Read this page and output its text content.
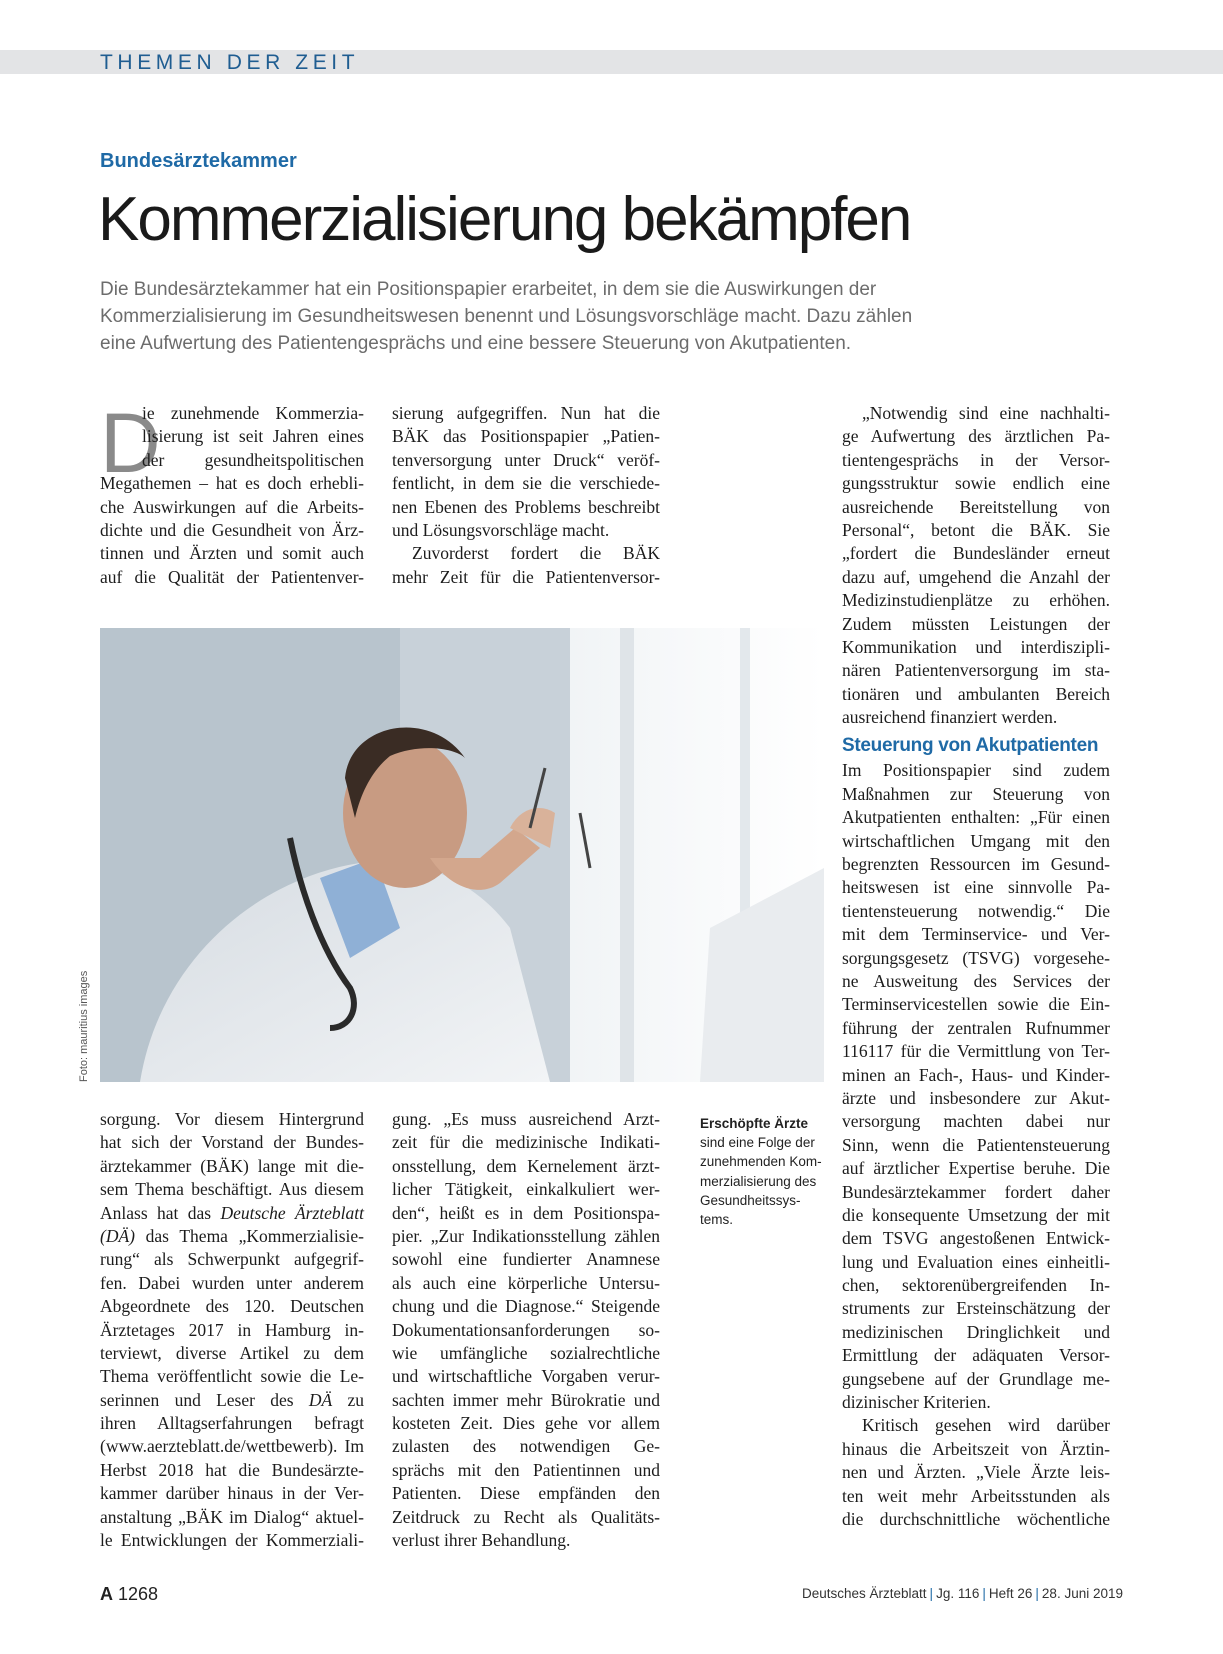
THEMEN DER ZEIT
Bundesärztekammer
Kommerzialisierung bekämpfen
Die Bundesärztekammer hat ein Positionspapier erarbeitet, in dem sie die Auswirkungen der
Kommerzialisierung im Gesundheitswesen benennt und Lösungsvorschläge macht. Dazu zählen
eine Aufwertung des Patientengesprächs und eine bessere Steuerung von Akutpatienten.
D
ie zunehmende Kommerzia-
lisierung ist seit Jahren eines
der gesundheitspolitischen
Megathemen – hat es doch erhebli-
che Auswirkungen auf die Arbeits-
dichte und die Gesundheit von Ärz-
tinnen und Ärzten und somit auch
auf die Qualität der Patientenver-
sierung aufgegriffen. Nun hat die
BÄK das Positionspapier „Patien-
tenversorgung unter Druck“ veröf-
fentlicht, in dem sie die verschiede-
nen Ebenen des Problems beschreibt
und Lösungsvorschläge macht.
Zuvorderst fordert die BÄK
mehr Zeit für die Patientenversor-
Foto: mauritius images
Erschöpfte Ärzte
sind eine Folge der
zunehmenden Kom-
merzialisierung des
Gesundheitssys-
tems.
sorgung. Vor diesem Hintergrund
hat sich der Vorstand der Bundes-
ärztekammer (BÄK) lange mit die-
sem Thema beschäftigt. Aus diesem
Anlass hat das Deutsche Ärzteblatt
(DÄ) das Thema „Kommerzialisie-
rung“ als Schwerpunkt aufgegrif-
fen. Dabei wurden unter anderem
Abgeordnete des 120. Deutschen
Ärztetages 2017 in Hamburg in-
terviewt, diverse Artikel zu dem
Thema veröffentlicht sowie die Le-
serinnen und Leser des DÄ zu
ihren Alltagserfahrungen befragt
(www.aerzteblatt.de/wettbewerb). Im
Herbst 2018 hat die Bundesärzte-
kammer darüber hinaus in der Ver-
anstaltung „BÄK im Dialog“ aktuel-
le Entwicklungen der Kommerziali-
gung. „Es muss ausreichend Arzt-
zeit für die medizinische Indikati-
onsstellung, dem Kernelement ärzt-
licher Tätigkeit, einkalkuliert wer-
den“, heißt es in dem Positionspa-
pier. „Zur Indikationsstellung zählen
sowohl eine fundierter Anamnese
als auch eine körperliche Untersu-
chung und die Diagnose.“ Steigende
Dokumentationsanforderungen so-
wie umfängliche sozialrechtliche
und wirtschaftliche Vorgaben verur-
sachten immer mehr Bürokratie und
kosteten Zeit. Dies gehe vor allem
zulasten des notwendigen Ge-
sprächs mit den Patientinnen und
Patienten. Diese empfänden den
Zeitdruck zu Recht als Qualitäts-
verlust ihrer Behandlung.
„Notwendig sind eine nachhalti-
ge Aufwertung des ärztlichen Pa-
tientengesprächs in der Versor-
gungsstruktur sowie endlich eine
ausreichende Bereitstellung von
Personal“, betont die BÄK. Sie
„fordert die Bundesländer erneut
dazu auf, umgehend die Anzahl der
Medizinstudienplätze zu erhöhen.
Zudem müssten Leistungen der
Kommunikation und interdiszipli-
nären Patientenversorgung im sta-
tionären und ambulanten Bereich
ausreichend finanziert werden.
Steuerung von Akutpatienten
Im Positionspapier sind zudem
Maßnahmen zur Steuerung von
Akutpatienten enthalten: „Für einen
wirtschaftlichen Umgang mit den
begrenzten Ressourcen im Gesund-
heitswesen ist eine sinnvolle Pa-
tientensteuerung notwendig.“ Die
mit dem Terminservice- und Ver-
sorgungsgesetz (TSVG) vorgesehe-
ne Ausweitung des Services der
Terminservicestellen sowie die Ein-
führung der zentralen Rufnummer
116117 für die Vermittlung von Ter-
minen an Fach-, Haus- und Kinder-
ärzte und insbesondere zur Akut-
versorgung machten dabei nur
Sinn, wenn die Patientensteuerung
auf ärztlicher Expertise beruhe. Die
Bundesärztekammer fordert daher
die konsequente Umsetzung der mit
dem TSVG angestoßenen Entwick-
lung und Evaluation eines einheitli-
chen, sektorenübergreifenden In-
struments zur Ersteinschätzung der
medizinischen Dringlichkeit und
Ermittlung der adäquaten Versor-
gungsebene auf der Grundlage me-
dizinischer Kriterien.
Kritisch gesehen wird darüber
hinaus die Arbeitszeit von Ärztin-
nen und Ärzten. „Viele Ärzte leis-
ten weit mehr Arbeitsstunden als
die durchschnittliche wöchentliche
A 1268	Deutsches Ärzteblatt | Jg. 116 | Heft 26 | 28. Juni 2019
